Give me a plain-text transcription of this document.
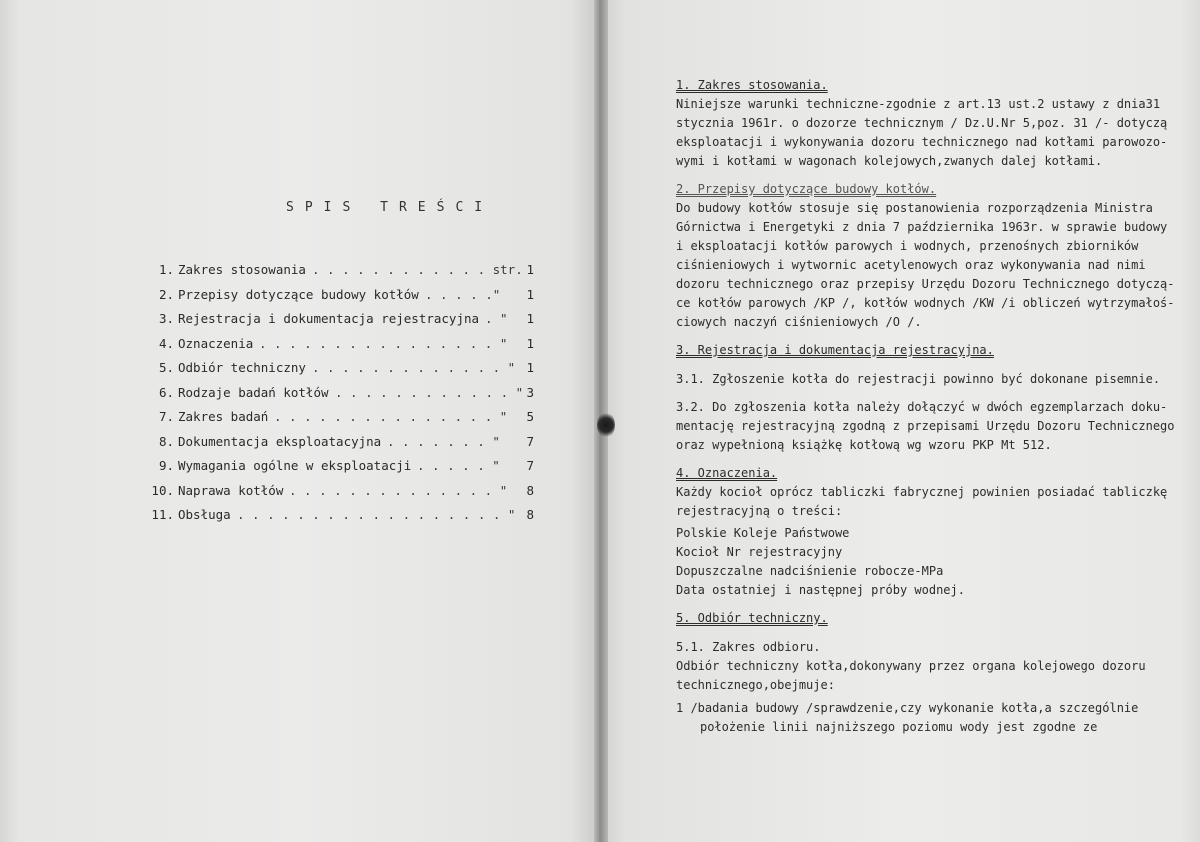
SPIS TREŚCI
1. Zakres stosowania . . . . . . . . . . . . str. 1
2. Przepisy dotyczące budowy kotłów . . . . ."	1
3. Rejestracja i dokumentacja rejestracyjna . "	1
4. Oznaczenia . . . . . . . . . . . . . . . . "	1
5. Odbiór techniczny . . . . . . . . . . . . . " 1
6. Rodzaje badań kotłów . . . . . . . . . . . . " 3
7. Zakres badań . . . . . . . . . . . . . . . "	5
8. Dokumentacja eksploatacyjna . . . . . . . "	7
9. Wymagania ogólne w eksploatacji . . . . . "	7
10. Naprawa kotłów . . . . . . . . . . . . . . "	8
11. Obsługa . . . . . . . . . . . . . . . . . . " 8

1. Zakres stosowania.

Niniejsze warunki techniczne-zgodnie z art.13 ust.2 ustawy z dnia31

stycznia 1961r. o dozorze technicznym / Dz.U.Nr 5,poz. 31 /- dotyczą

eksploatacji i wykonywania dozoru technicznego nad kotłami parowozo-

wymi i kotłami w wagonach kolejowych,zwanych dalej kotłami.

2. Przepisy dotyczące budowy kotłów.

Do budowy kotłów stosuje się postanowienia rozporządzenia Ministra

Górnictwa i Energetyki z dnia 7 października 1963r. w sprawie budowy

i eksploatacji kotłów parowych i wodnych, przenośnych zbiorników

ciśnieniowych i wytwornic acetylenowych oraz wykonywania nad nimi

dozoru technicznego oraz przepisy Urzędu Dozoru Technicznego dotyczą-

ce kotłów parowych /KP /, kotłów wodnych /KW /i obliczeń wytrzymałoś-

ciowych naczyń ciśnieniowych /O /.

3. Rejestracja i dokumentacja rejestracyjna.

3.1. Zgłoszenie kotła do rejestracji powinno być dokonane pisemnie.

3.2. Do zgłoszenia kotła należy dołączyć w dwóch egzemplarzach doku-

mentację rejestracyjną zgodną z przepisami Urzędu Dozoru Technicznego

oraz wypełnioną książkę kotłową wg wzoru PKP Mt 512.

4. Oznaczenia.

Każdy kocioł oprócz tabliczki fabrycznej powinien posiadać tabliczkę

rejestracyjną o treści:

Polskie Koleje Państwowe

Kocioł Nr rejestracyjny

Dopuszczalne nadciśnienie robocze-MPa

Data ostatniej i następnej próby wodnej.

5. Odbiór techniczny.

5.1. Zakres odbioru.

Odbiór techniczny kotła,dokonywany przez organa kolejowego dozoru

technicznego,obejmuje:

1 /badania budowy /sprawdzenie,czy wykonanie kotła,a szczególnie

położenie linii najniższego poziomu wody jest zgodne ze
